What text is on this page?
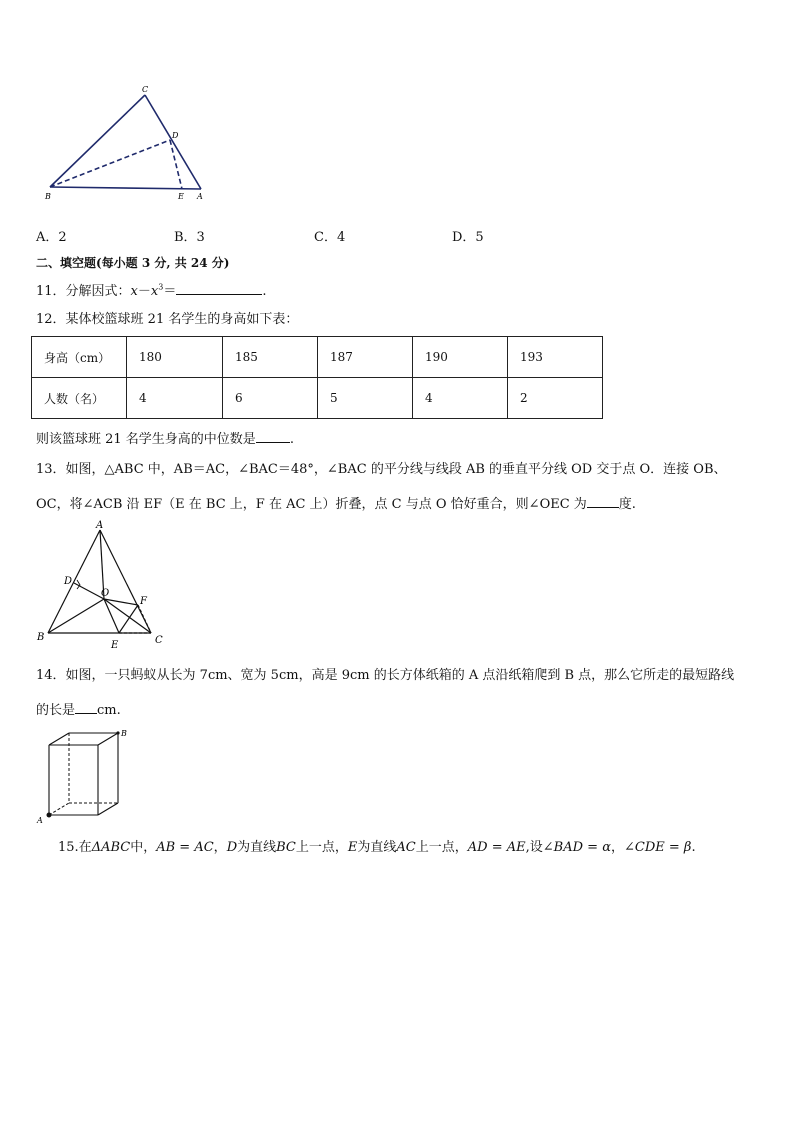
C
D
B	E A
A．2	B．3	C．4	D．5
二、填空题(每小题 3 分, 共 24 分)
11．分解因式：$x-x^3=$	.
12．某体校篮球班 21 名学生的身高如下表：
身高（cm）	180	185	187	190	193
人数（名）	4	6	5	4	2
则该篮球班 21 名学生身高的中位数是	.
13．如图，△ABC 中，AB＝AC，∠BAC＝48°，∠BAC 的平分线与线段 AB 的垂直平分线 OD 交于点 O．连接 OB、
OC，将∠ACB 沿 EF（E 在 BC 上，F 在 AC 上）折叠，点 C 与点 O 恰好重合，则∠OEC 为 度.
A
D
O
F
B
E	C
14．如图，一只蚂蚁从长为 7cm、宽为 5cm，高是 9cm 的长方体纸箱的 A 点沿纸箱爬到 B 点，那么它所走的最短路线
的长是 cm.
A
B
15.在ΔABC中，AB = AC，D为直线BC上一点，E为直线AC上一点，AD = AE,设∠BAD = α，∠CDE = β.
